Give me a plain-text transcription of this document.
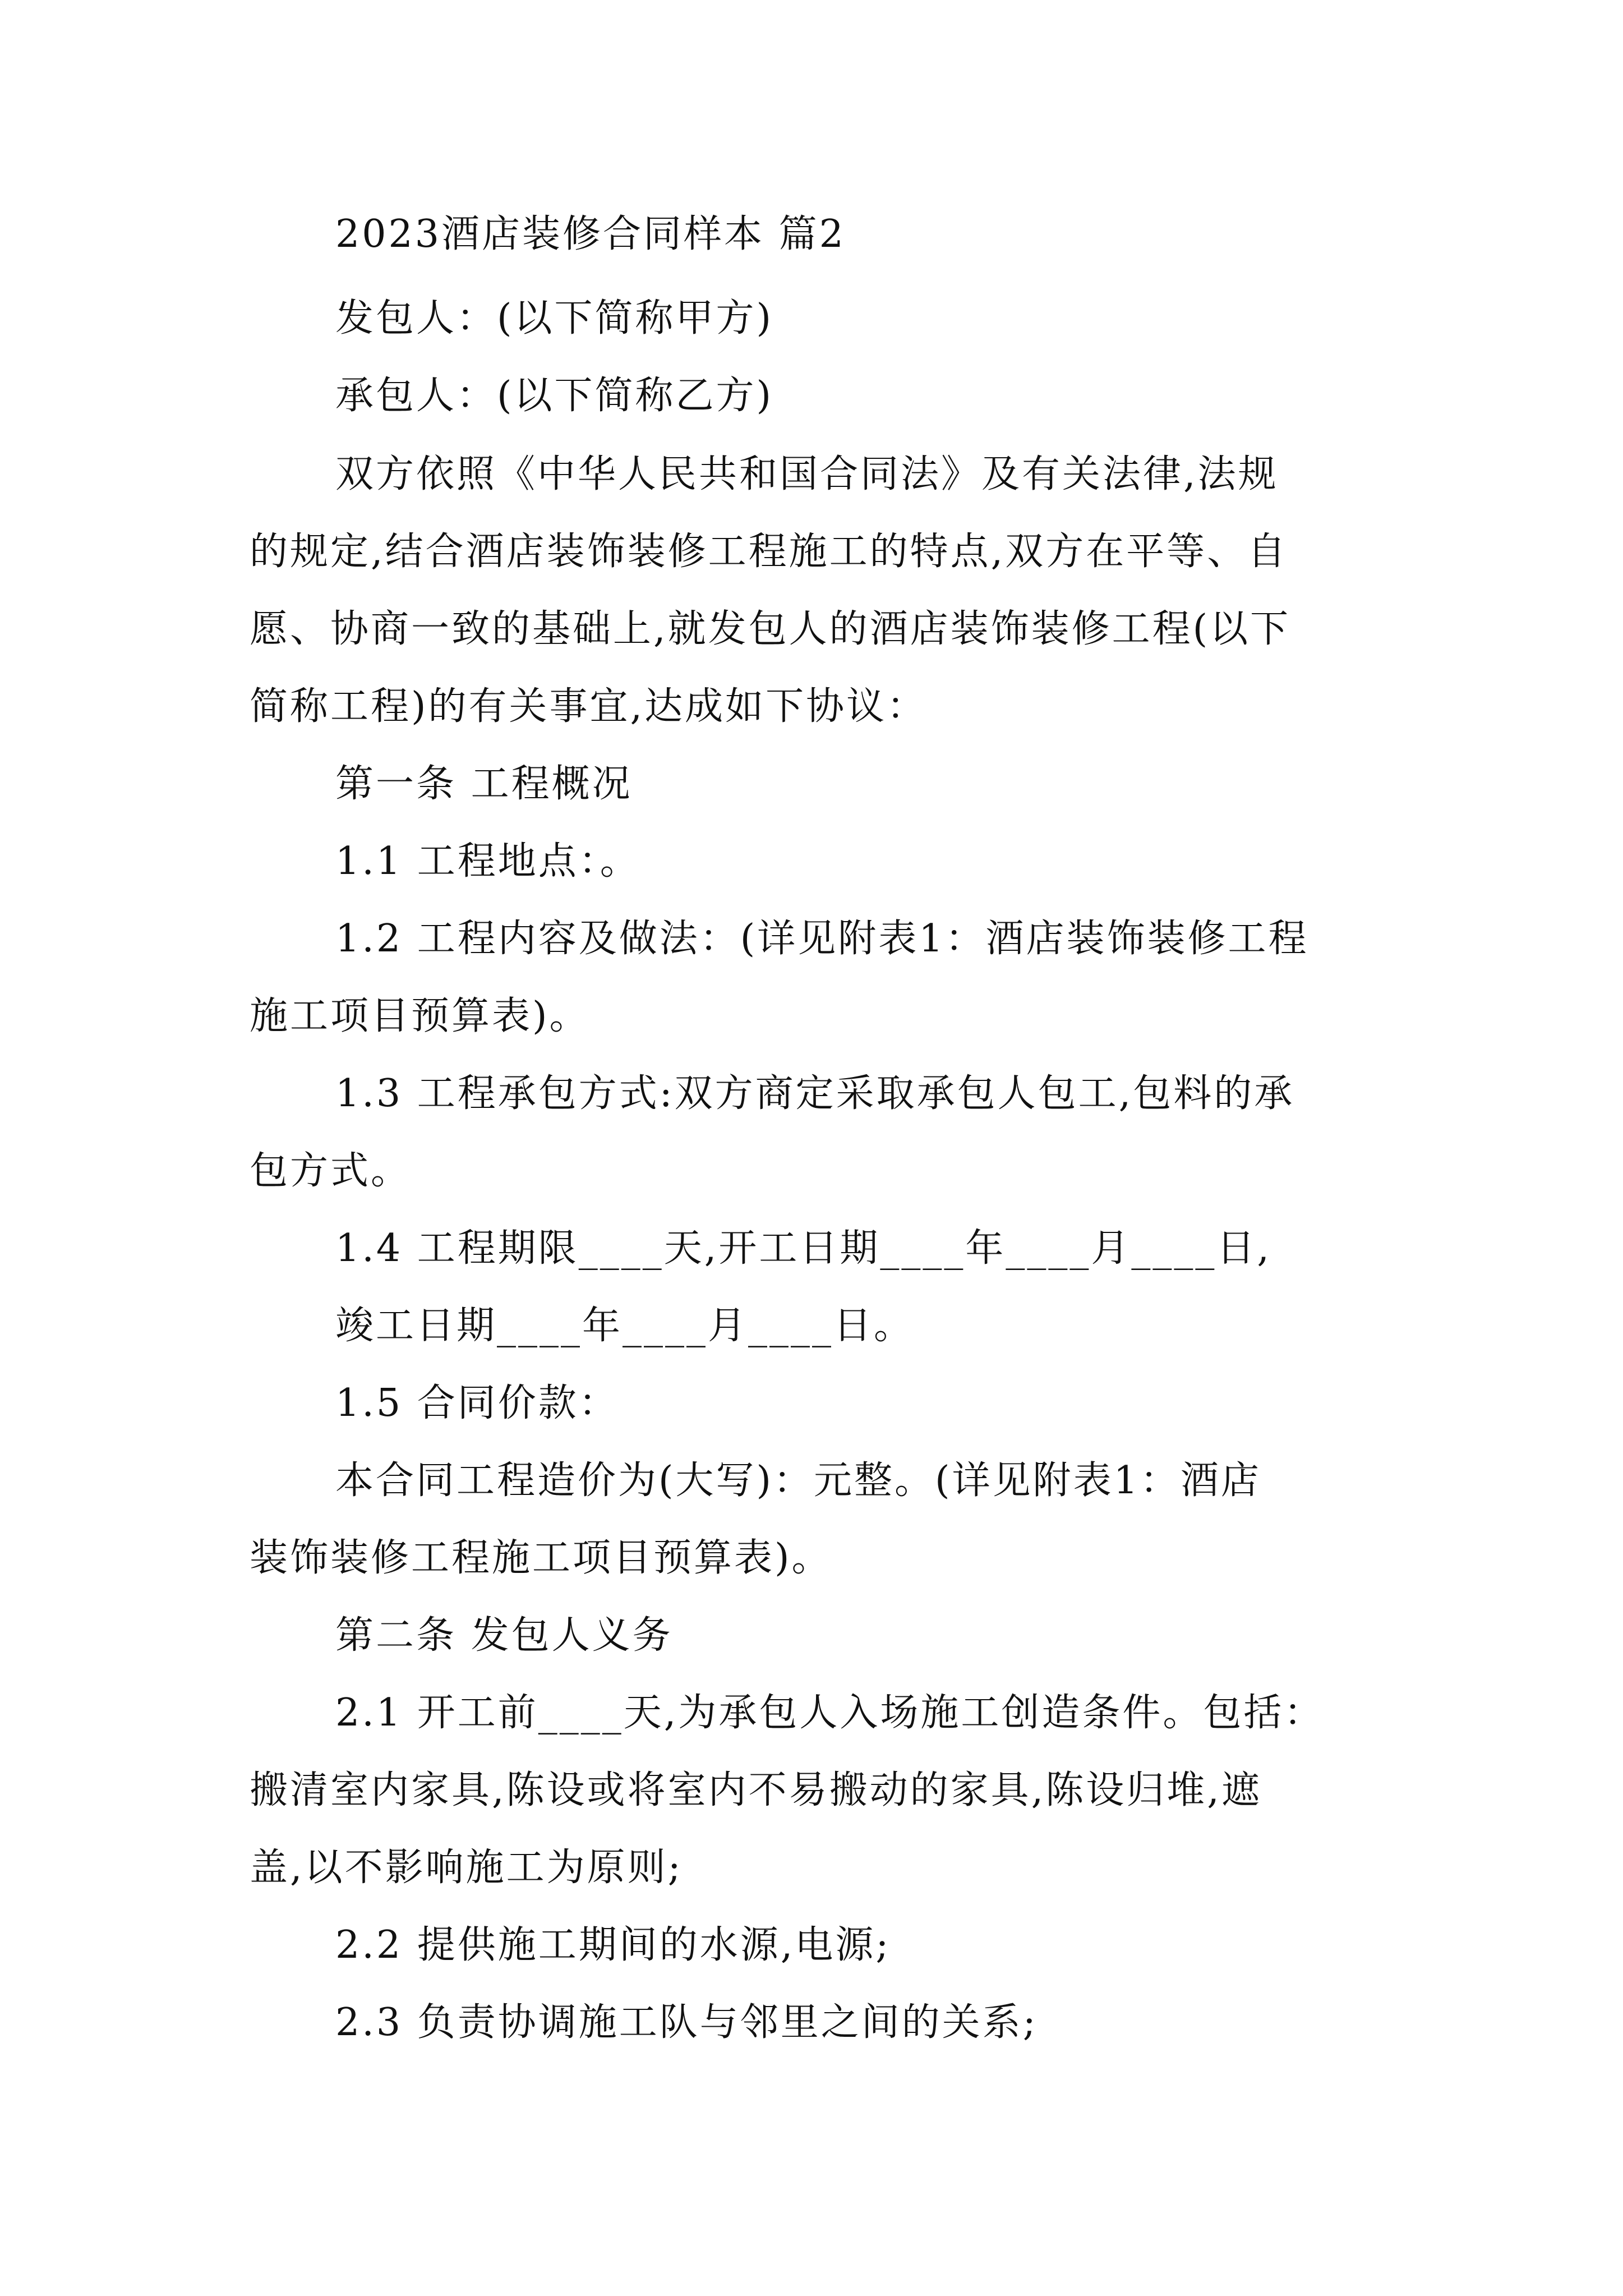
2023酒店装修合同样本 篇2
发包人：(以下简称甲方)
承包人：(以下简称乙方)
双方依照《中华人民共和国合同法》及有关法律,法规
的规定,结合酒店装饰装修工程施工的特点,双方在平等、自
愿、协商一致的基础上,就发包人的酒店装饰装修工程(以下
简称工程)的有关事宜,达成如下协议：
第一条 工程概况
1.1 工程地点：。
1.2 工程内容及做法：(详见附表1：酒店装饰装修工程
施工项目预算表)。
1.3 工程承包方式:双方商定采取承包人包工,包料的承
包方式。
1.4 工程期限____天,开工日期____年____月____日,
竣工日期____年____月____日。
1.5 合同价款：
本合同工程造价为(大写)：元整。(详见附表1：酒店
装饰装修工程施工项目预算表)。
第二条 发包人义务
2.1 开工前____天,为承包人入场施工创造条件。包括：
搬清室内家具,陈设或将室内不易搬动的家具,陈设归堆,遮
盖,以不影响施工为原则;
2.2 提供施工期间的水源,电源;
2.3 负责协调施工队与邻里之间的关系;
